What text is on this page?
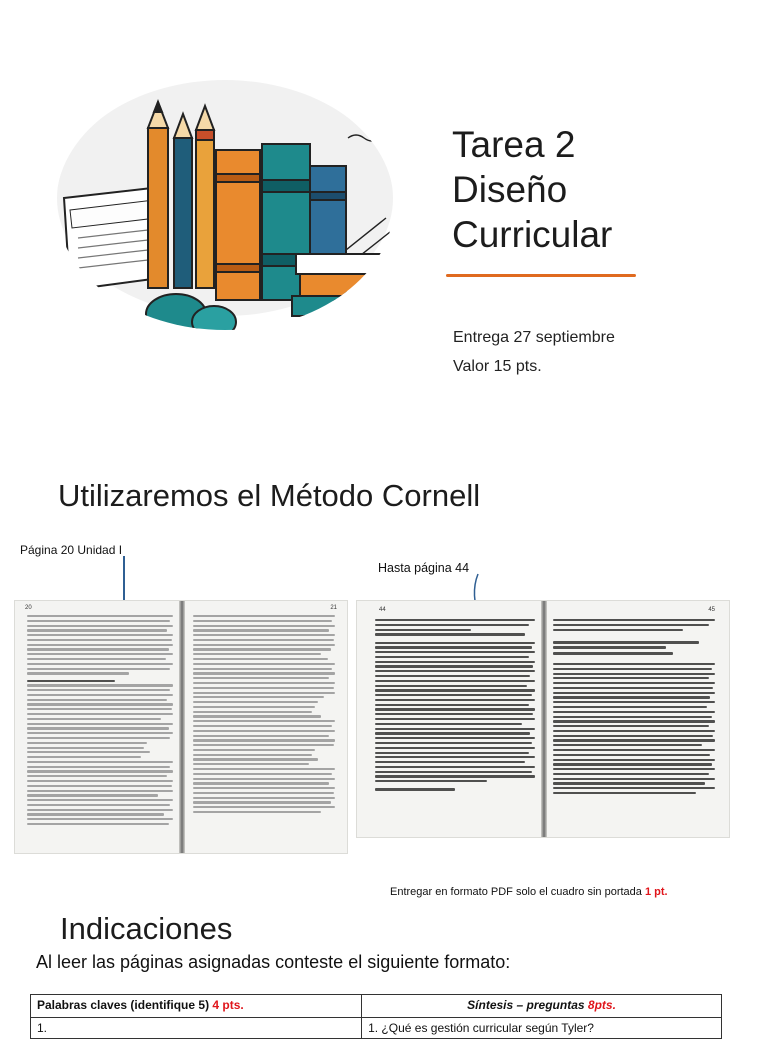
Tarea 2
Diseño
Curricular
Entrega 27 septiembre
Valor 15 pts.
Utilizaremos el Método Cornell
Página 20 Unidad I
Hasta página 44
20	21	44	45
Entregar en formato PDF solo el cuadro sin portada 1 pt.
Indicaciones
Al leer las páginas asignadas conteste el siguiente formato:
Palabras claves (identifique 5) 4 pts.	Síntesis – preguntas 8pts.
1.	1. ¿Qué es gestión curricular según Tyler?
